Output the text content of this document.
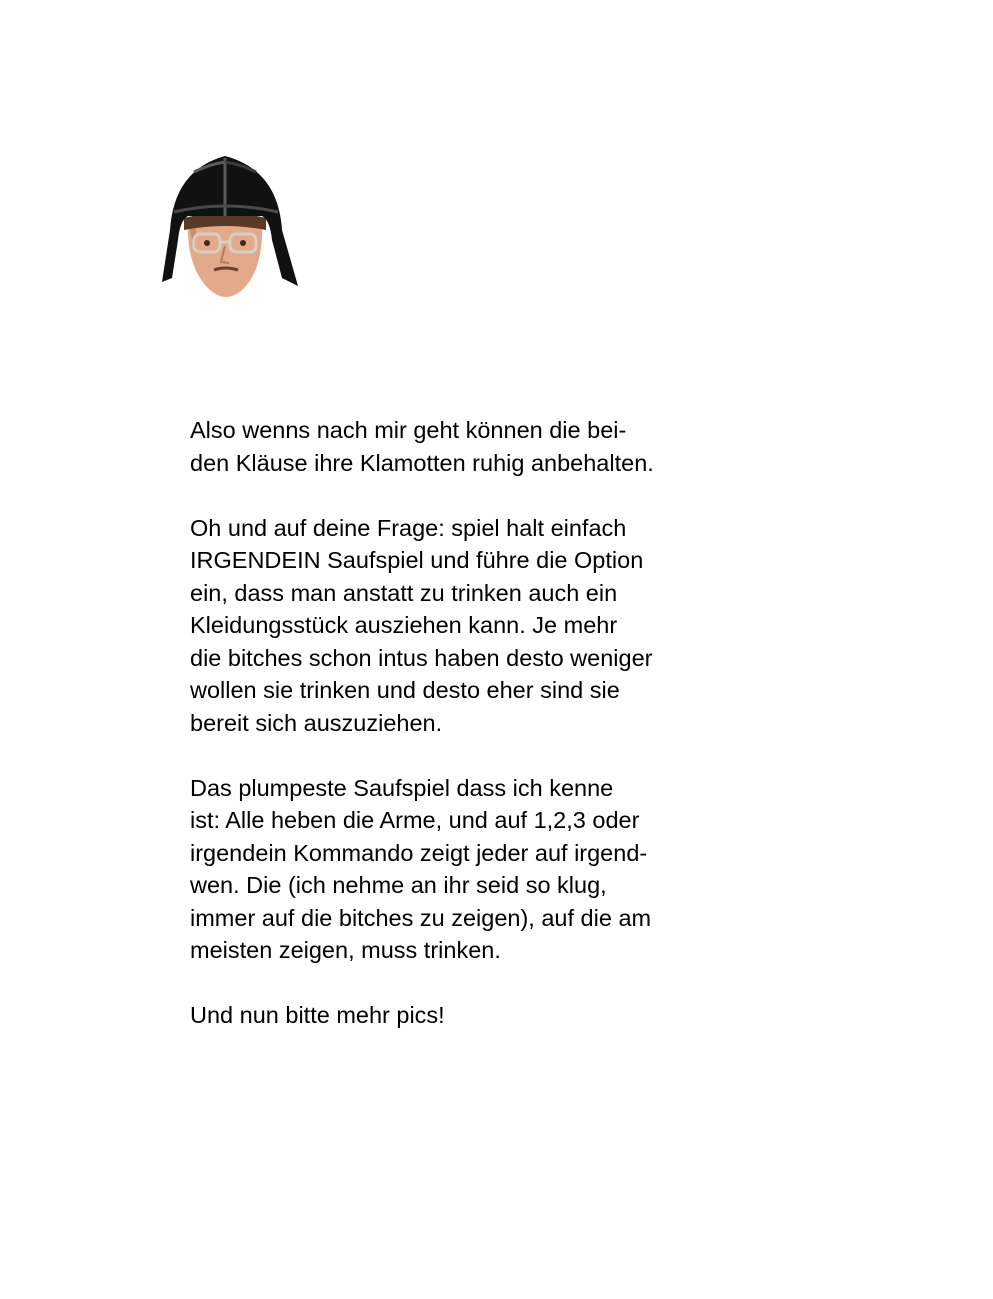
Also wenns nach mir geht können die bei-
den Kläuse ihre Klamotten ruhig anbehalten.

Oh und auf deine Frage: spiel halt einfach
IRGENDEIN Saufspiel und führe die Option
ein, dass man anstatt zu trinken auch ein
Kleidungsstück ausziehen kann. Je mehr
die bitches schon intus haben desto weniger
wollen sie trinken und desto eher sind sie
bereit sich auszuziehen.

Das plumpeste Saufspiel dass ich kenne
ist: Alle heben die Arme, und auf 1,2,3 oder
irgendein Kommando zeigt jeder auf irgend-
wen. Die (ich nehme an ihr seid so klug,
immer auf die bitches zu zeigen), auf die am
meisten zeigen, muss trinken.

Und nun bitte mehr pics!
